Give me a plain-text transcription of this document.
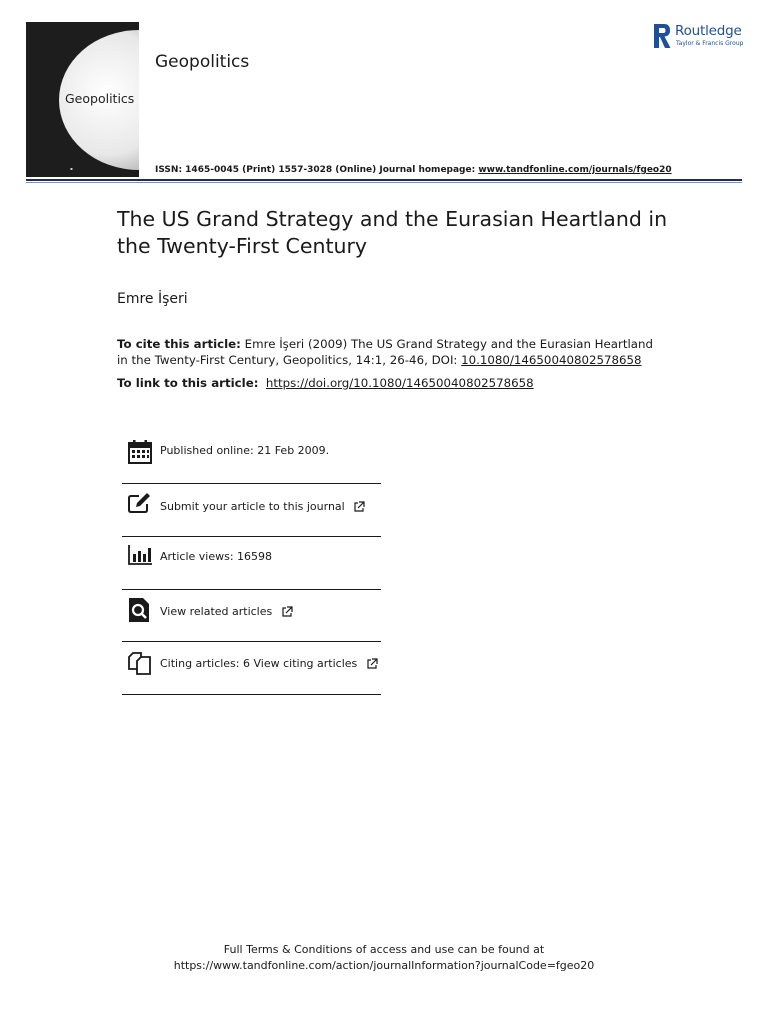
Geopolitics
▪
Geopolitics
Routledge
Taylor & Francis Group
ISSN: 1465-0045 (Print) 1557-3028 (Online) Journal homepage: www.tandfonline.com/journals/fgeo20
The US Grand Strategy and the Eurasian Heartland in the Twenty-First Century
Emre İşeri
To cite this article: Emre İşeri (2009) The US Grand Strategy and the Eurasian Heartland in the Twenty-First Century, Geopolitics, 14:1, 26-46, DOI: 10.1080/14650040802578658
To link to this article: https://doi.org/10.1080/14650040802578658
Published online: 21 Feb 2009.
Submit your article to this journal
Article views: 16598
View related articles
Citing articles: 6 View citing articles
Full Terms & Conditions of access and use can be found at
https://www.tandfonline.com/action/journalInformation?journalCode=fgeo20
